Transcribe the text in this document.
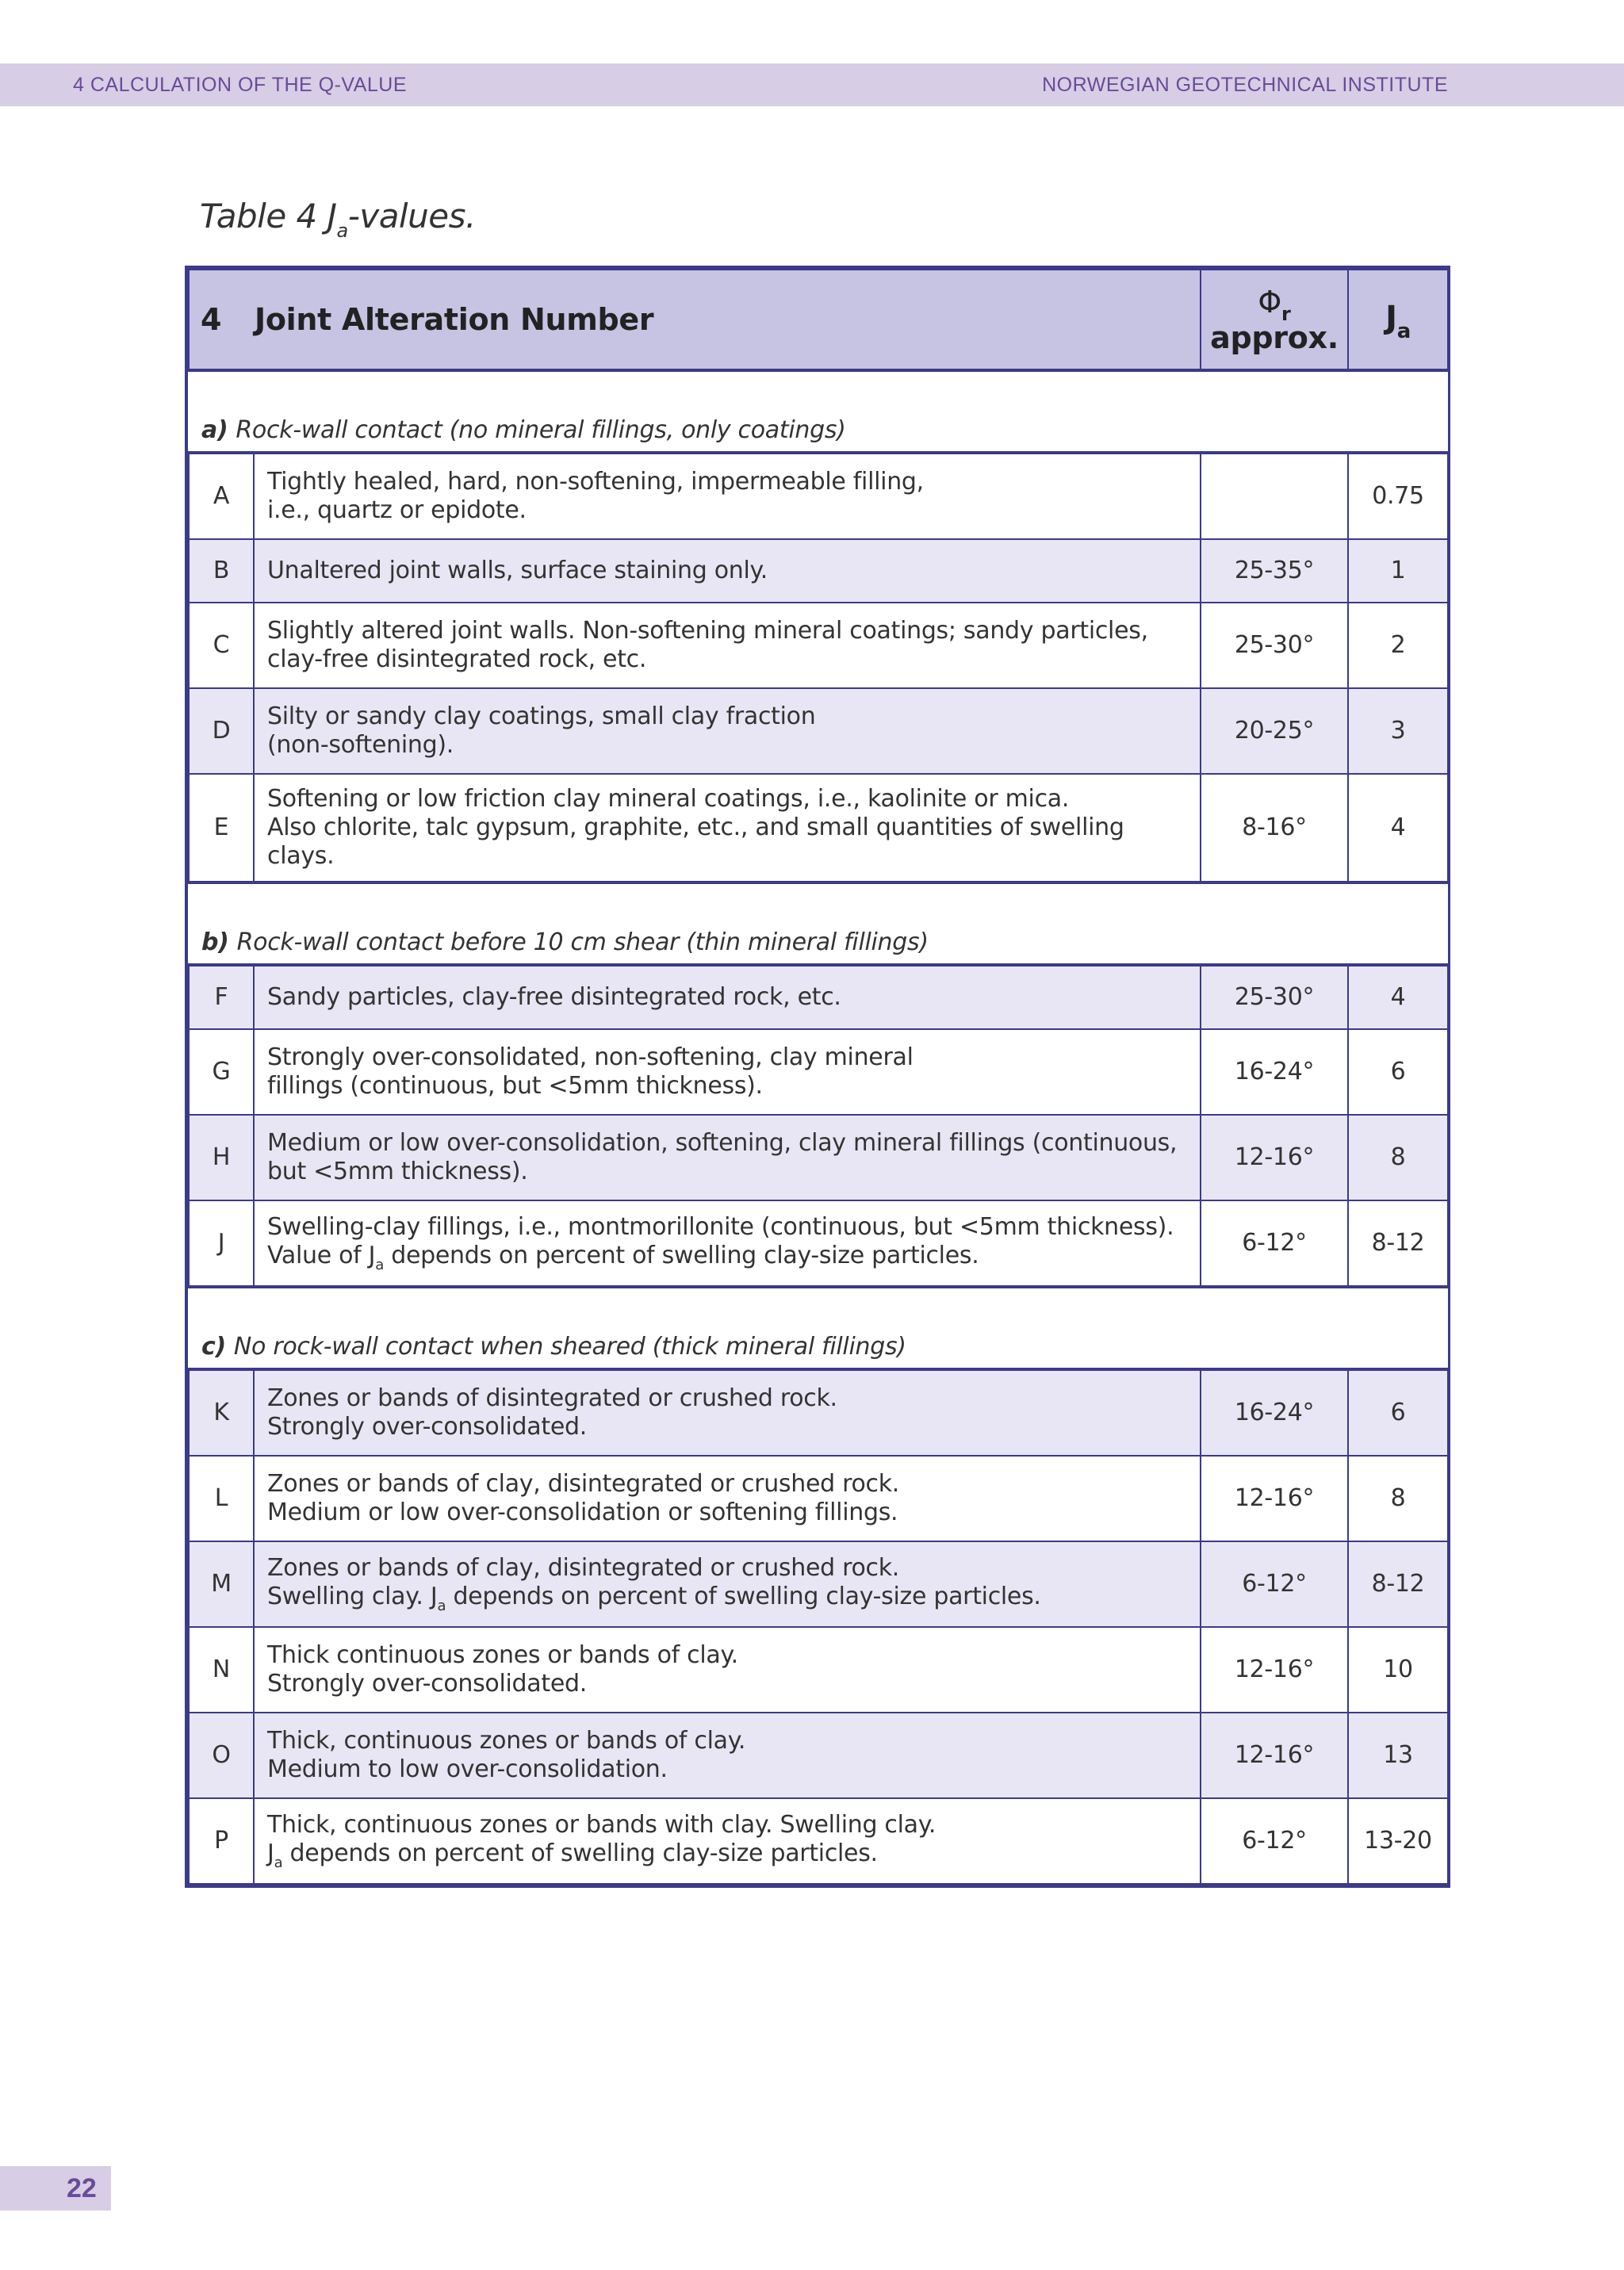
4 CALCULATION OF THE Q-VALUE	NORWEGIAN GEOTECHNICAL INSTITUTE
Table 4 $J_a$-values.
4 Joint Alteration Number		$\Phi_r$
approx.	$J_a$
a) Rock-wall contact (no mineral fillings, only coatings)			
A	Tightly healed, hard, non-softening, impermeable filling,
i.e., quartz or epidote.		0.75
B	Unaltered joint walls, surface staining only.	25-35°	1
C	Slightly altered joint walls. Non-softening mineral coatings; sandy particles,
clay-free disintegrated rock, etc.	25-30°	2
D	Silty or sandy clay coatings, small clay fraction
(non-softening).	20-25°	3
E	Softening or low friction clay mineral coatings, i.e., kaolinite or mica.
Also chlorite, talc gypsum, graphite, etc., and small quantities of swelling
clays.	8-16°	4
b) Rock-wall contact before 10 cm shear (thin mineral fillings)			
F	Sandy particles, clay-free disintegrated rock, etc.	25-30°	4
G	Strongly over-consolidated, non-softening, clay mineral
fillings (continuous, but <5mm thickness).	16-24°	6
H	Medium or low over-consolidation, softening, clay mineral fillings (continuous,
but <5mm thickness).	12-16°	8
J	Swelling-clay fillings, i.e., montmorillonite (continuous, but <5mm thickness).
Value of $J_a$ depends on percent of swelling clay-size particles.	6-12°	8-12
c) No rock-wall contact when sheared (thick mineral fillings)			
K	Zones or bands of disintegrated or crushed rock.
Strongly over-consolidated.	16-24°	6
L	Zones or bands of clay, disintegrated or crushed rock.
Medium or low over-consolidation or softening fillings.	12-16°	8
M	Zones or bands of clay, disintegrated or crushed rock.
Swelling clay. $J_a$ depends on percent of swelling clay-size particles.	6-12°	8-12
N	Thick continuous zones or bands of clay.
Strongly over-consolidated.	12-16°	10
O	Thick, continuous zones or bands of clay.
Medium to low over-consolidation.	12-16°	13
P	Thick, continuous zones or bands with clay. Swelling clay.
$J_a$ depends on percent of swelling clay-size particles.	6-12°	13-20
22
